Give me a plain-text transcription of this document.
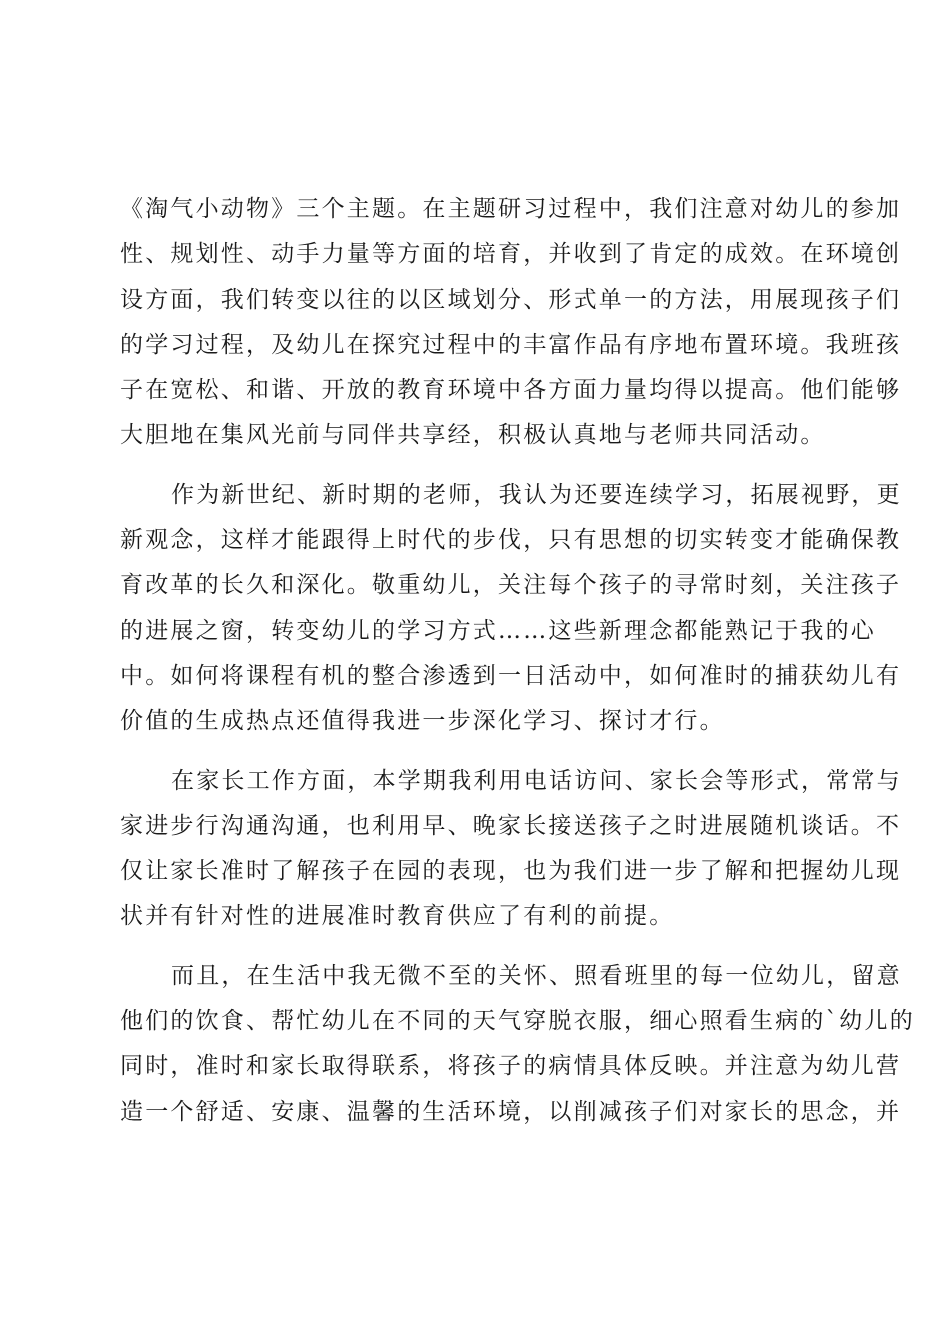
《淘气小动物》三个主题。在主题研习过程中，我们注意对幼儿的参加
性、规划性、动手力量等方面的培育，并收到了肯定的成效。在环境创
设方面，我们转变以往的以区域划分、形式单一的方法，用展现孩子们
的学习过程，及幼儿在探究过程中的丰富作品有序地布置环境。我班孩
子在宽松、和谐、开放的教育环境中各方面力量均得以提高。他们能够
大胆地在集风光前与同伴共享经，积极认真地与老师共同活动。
作为新世纪、新时期的老师，我认为还要连续学习，拓展视野，更
新观念，这样才能跟得上时代的步伐，只有思想的切实转变才能确保教
育改革的长久和深化。敬重幼儿，关注每个孩子的寻常时刻，关注孩子
的进展之窗，转变幼儿的学习方式……这些新理念都能熟记于我的心
中。如何将课程有机的整合渗透到一日活动中，如何准时的捕获幼儿有
价值的生成热点还值得我进一步深化学习、探讨才行。
在家长工作方面，本学期我利用电话访问、家长会等形式，常常与
家进步行沟通沟通，也利用早、晚家长接送孩子之时进展随机谈话。不
仅让家长准时了解孩子在园的表现，也为我们进一步了解和把握幼儿现
状并有针对性的进展准时教育供应了有利的前提。
而且，在生活中我无微不至的关怀、照看班里的每一位幼儿，留意
他们的饮食、帮忙幼儿在不同的天气穿脱衣服，细心照看生病的`幼儿的
同时，准时和家长取得联系，将孩子的病情具体反映。并注意为幼儿营
造一个舒适、安康、温馨的生活环境，以削减孩子们对家长的思念，并
